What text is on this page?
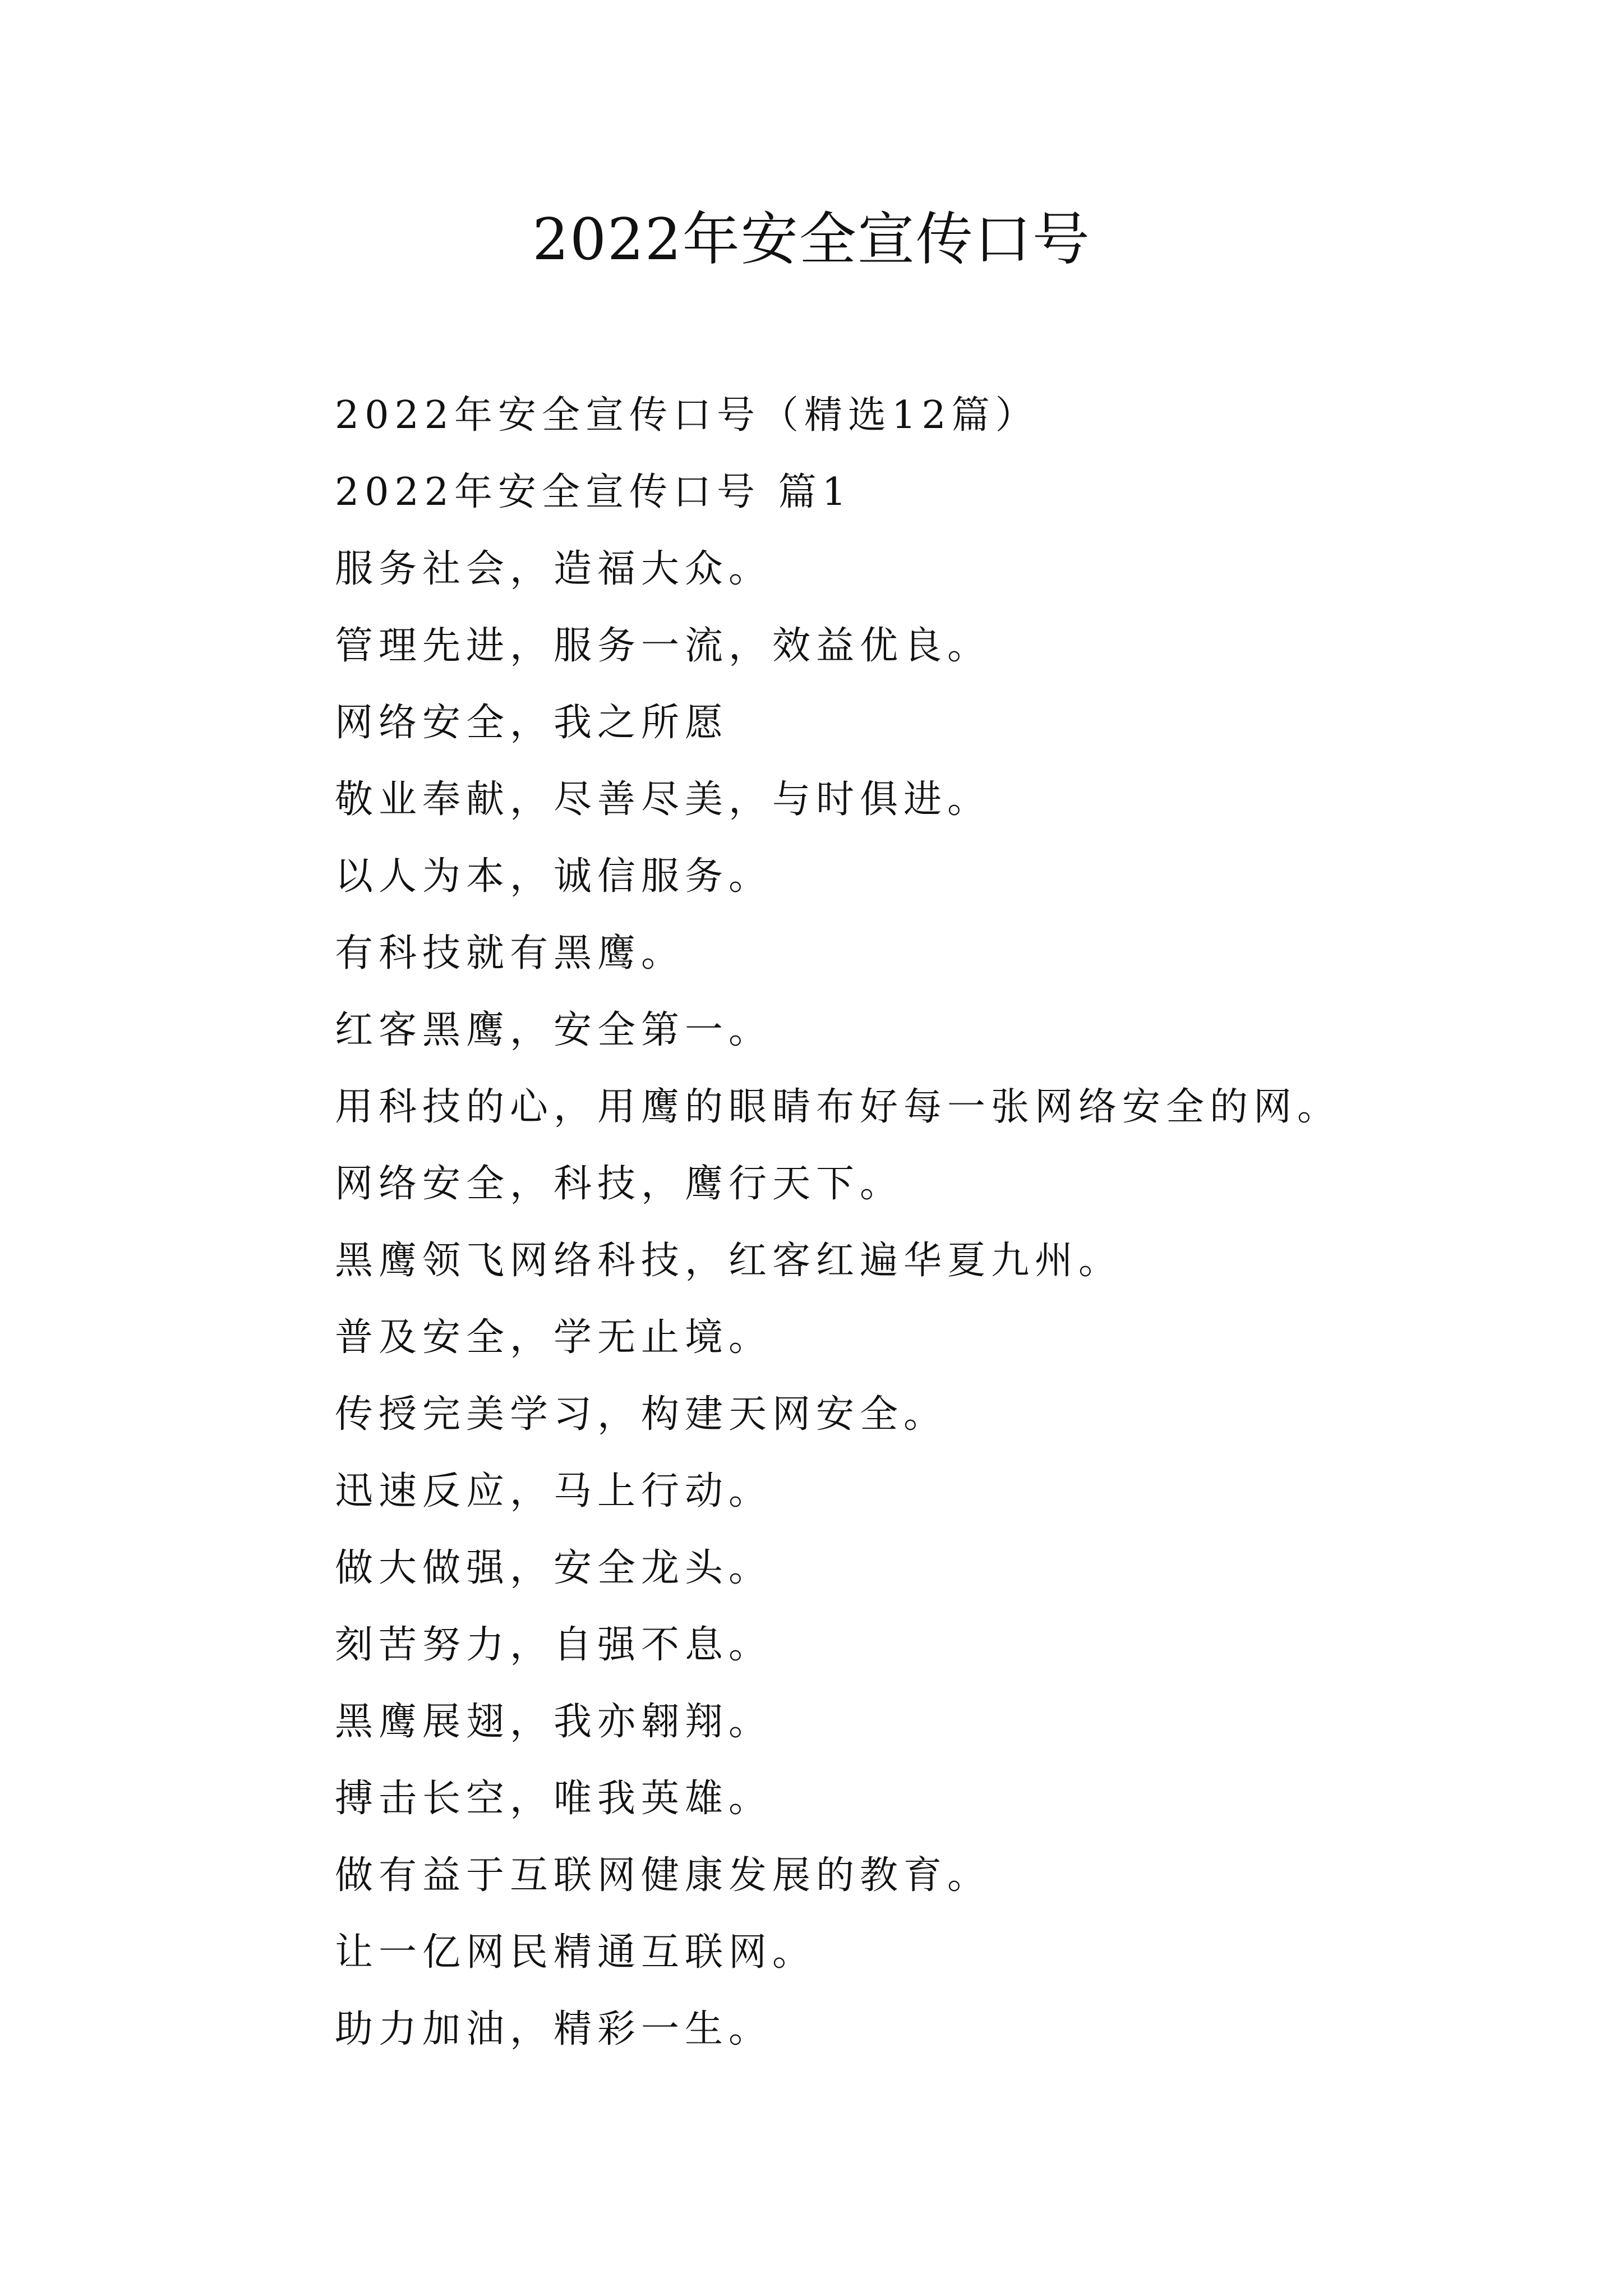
2022年安全宣传口号
2022年安全宣传口号（精选12篇）
2022年安全宣传口号 篇1
服务社会，造福大众。
管理先进，服务一流，效益优良。
网络安全，我之所愿
敬业奉献，尽善尽美，与时俱进。
以人为本，诚信服务。
有科技就有黑鹰。
红客黑鹰，安全第一。
用科技的心，用鹰的眼睛布好每一张网络安全的网。
网络安全，科技，鹰行天下。
黑鹰领飞网络科技，红客红遍华夏九州。
普及安全，学无止境。
传授完美学习，构建天网安全。
迅速反应，马上行动。
做大做强，安全龙头。
刻苦努力，自强不息。
黑鹰展翅，我亦翱翔。
搏击长空，唯我英雄。
做有益于互联网健康发展的教育。
让一亿网民精通互联网。
助力加油，精彩一生。
